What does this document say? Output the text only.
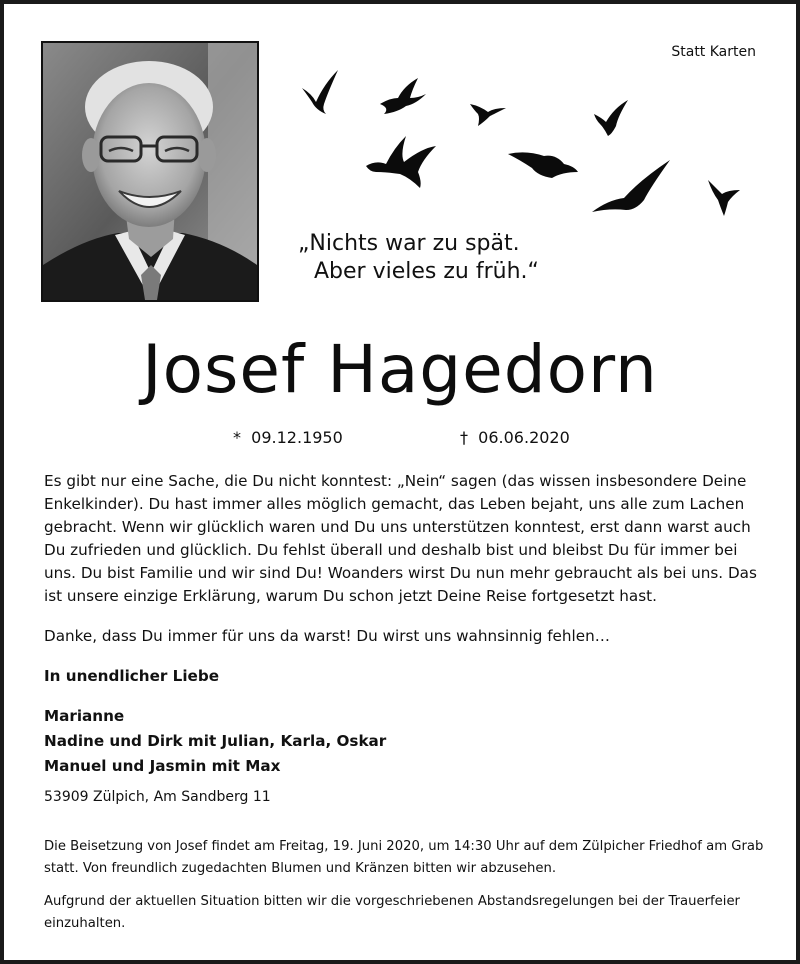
Statt Karten
„Nichts war zu spät.
Aber vieles zu früh.“
Josef Hagedorn
* 09.12.1950	† 06.06.2020

Es gibt nur eine Sache, die Du nicht konntest: „Nein“ sagen (das wissen insbesondere Deine Enkelkinder). Du hast immer alles möglich gemacht, das Leben bejaht, uns alle zum Lachen gebracht. Wenn wir glücklich waren und Du uns unterstützen konntest, erst dann warst auch Du zufrieden und glücklich. Du fehlst überall und deshalb bist und bleibst Du für immer bei uns. Du bist Familie und wir sind Du! Woanders wirst Du nun mehr gebraucht als bei uns. Das ist unsere einzige Erklärung, warum Du schon jetzt Deine Reise fortgesetzt hast.

Danke, dass Du immer für uns da warst! Du wirst uns wahnsinnig fehlen…

In unendlicher Liebe

Marianne
Nadine und Dirk mit Julian, Karla, Oskar
Manuel und Jasmin mit Max

53909 Zülpich, Am Sandberg 11

Die Beisetzung von Josef findet am Freitag, 19. Juni 2020, um 14:30 Uhr auf dem Zülpicher Friedhof am Grab statt. Von freundlich zugedachten Blumen und Kränzen bitten wir abzusehen.

Aufgrund der aktuellen Situation bitten wir die vorgeschriebenen Abstandsregelungen bei der Trauerfeier einzuhalten.
